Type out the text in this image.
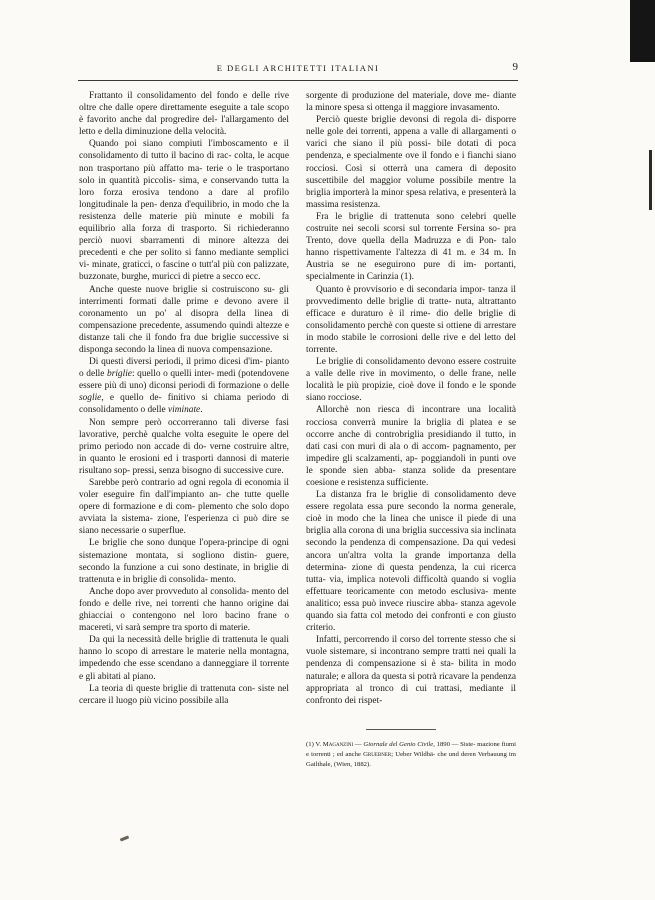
E DEGLI ARCHITETTI ITALIANI	9

Frattanto il consolidamento del fondo e delle rive oltre che dalle opere direttamente eseguite a tale scopo è favorito anche dal progredire del- l'allargamento del letto e della diminuzione della velocità.

Quando poi siano compiuti l'imboscamento e il consolidamento di tutto il bacino di rac- colta, le acque non trasportano più affatto ma- terie o le trasportano solo in quantità piccolis- sima, e conservando tutta la loro forza erosiva tendono a dare al profilo longitudinale la pen- denza d'equilibrio, in modo che la resistenza delle materie più minute e mobili fa equilibrio alla forza di trasporto. Si richiederanno perciò nuovi sbarramenti di minore altezza dei precedenti e che per solito si fanno mediante semplici vi- minate, graticci, o fascine o tutt'al più con palizzate, buzzonate, burghe, muricci di pietre a secco ecc.

Anche queste nuove briglie si costruiscono su- gli interrimenti formati dalle prime e devono avere il coronamento un po' al disopra della linea di compensazione precedente, assumendo quindi altezze e distanze tali che il fondo fra due briglie successive si disponga secondo la linea di nuova compensazione.

Di questi diversi periodi, il primo dicesi d'im- pianto o delle briglie: quello o quelli inter- medi (potendovene essere più di uno) diconsi periodi di formazione o delle soglie, e quello de- finitivo si chiama periodo di consolidamento o delle viminate.

Non sempre però occorreranno tali diverse fasi lavorative, perchè qualche volta eseguite le opere del primo periodo non accade di do- verne costruire altre, in quanto le erosioni ed i trasporti dannosi di materie risultano sop- pressi, senza bisogno di successive cure.

Sarebbe però contrario ad ogni regola di economia il voler eseguire fin dall'impianto an- che tutte quelle opere di formazione e di com- plemento che solo dopo avviata la sistema- zione, l'esperienza ci può dire se siano necessarie o superflue.

Le briglie che sono dunque l'opera-principe di ogni sistemazione montata, si sogliono distin- guere, secondo la funzione a cui sono destinate, in briglie di trattenuta e in briglie di consolida- mento.

Anche dopo aver provveduto al consolida- mento del fondo e delle rive, nei torrenti che hanno origine dai ghiacciai o contengono nel loro bacino frane o macereti, vi sarà sempre tra sporto di materie.

Da qui la necessità delle briglie di trattenuta le quali hanno lo scopo di arrestare le materie nella montagna, impedendo che esse scendano a danneggiare il torrente e gli abitati al piano.

La teoria di queste briglie di trattenuta con- siste nel cercare il luogo più vicino possibile alla

sorgente di produzione del materiale, dove me- diante la minore spesa si ottenga il maggiore invasamento.

Perciò queste briglie devonsi di regola di- disporre nelle gole dei torrenti, appena a valle di allargamenti o varici che siano il più possi- bile dotati di poca pendenza, e specialmente ove il fondo e i fianchi siano rocciosi. Così si otterrà una camera di deposito suscettibile del maggior volume possibile mentre la briglia importerà la minor spesa relativa, e presenterà la massima resistenza.

Fra le briglie di trattenuta sono celebri quelle costruite nei secoli scorsi sul torrente Fersina so- pra Trento, dove quella della Madruzza e di Pon- talo hanno rispettivamente l'altezza di 41 m. e 34 m. In Austria se ne eseguirono pure di im- portanti, specialmente in Carinzia (1).

Quanto è provvisorio e di secondaria impor- tanza il provvedimento delle briglie di tratte- nuta, altrattanto efficace e duraturo è il rime- dio delle briglie di consolidamento perchè con queste si ottiene di arrestare in modo stabile le corrosioni delle rive e del letto del torrente.

Le briglie di consolidamento devono essere costruite a valle delle rive in movimento, o delle frane, nelle località le più propizie, cioè dove il fondo e le sponde siano rocciose.

Allorchè non riesca di incontrare una località rocciosa converrà munire la briglia di platea e se occorre anche di controbriglia presidiando il tutto, in dati casi con muri di ala o di accom- pagnamento, per impedire gli scalzamenti, ap- poggiandoli in punti ove le sponde sien abba- stanza solide da presentare coesione e resistenza sufficiente.

La distanza fra le briglie di consolidamento deve essere regolata essa pure secondo la norma generale, cioè in modo che la linea che unisce il piede di una briglia alla corona di una briglia successiva sia inclinata secondo la pendenza di compensazione. Da qui vedesi ancora un'altra volta la grande importanza della determina- zione di questa pendenza, la cui ricerca tutta- via, implica notevoli difficoltà quando si voglia effettuare teoricamente con metodo esclusiva- mente analitico; essa può invece riuscire abba- stanza agevole quando sia fatta col metodo dei confronti e con giusto criterio.

Infatti, percorrendo il corso del torrente stesso che si vuole sistemare, si incontrano sempre tratti nei quali la pendenza di compensazione si è sta- bilita in modo naturale; e allora da questa si potrà ricavare la pendenza appropriata al tronco di cui trattasi, mediante il confronto dei rispet-

(1) V. Maganzini — Giornale del Genio Civile, 1890 — Siste- mazione fiumi e torrenti ; ed anche Gruebner; Ueber Wildbä- che und deren Verbauung im Gailthale, (Wien, 1882).
